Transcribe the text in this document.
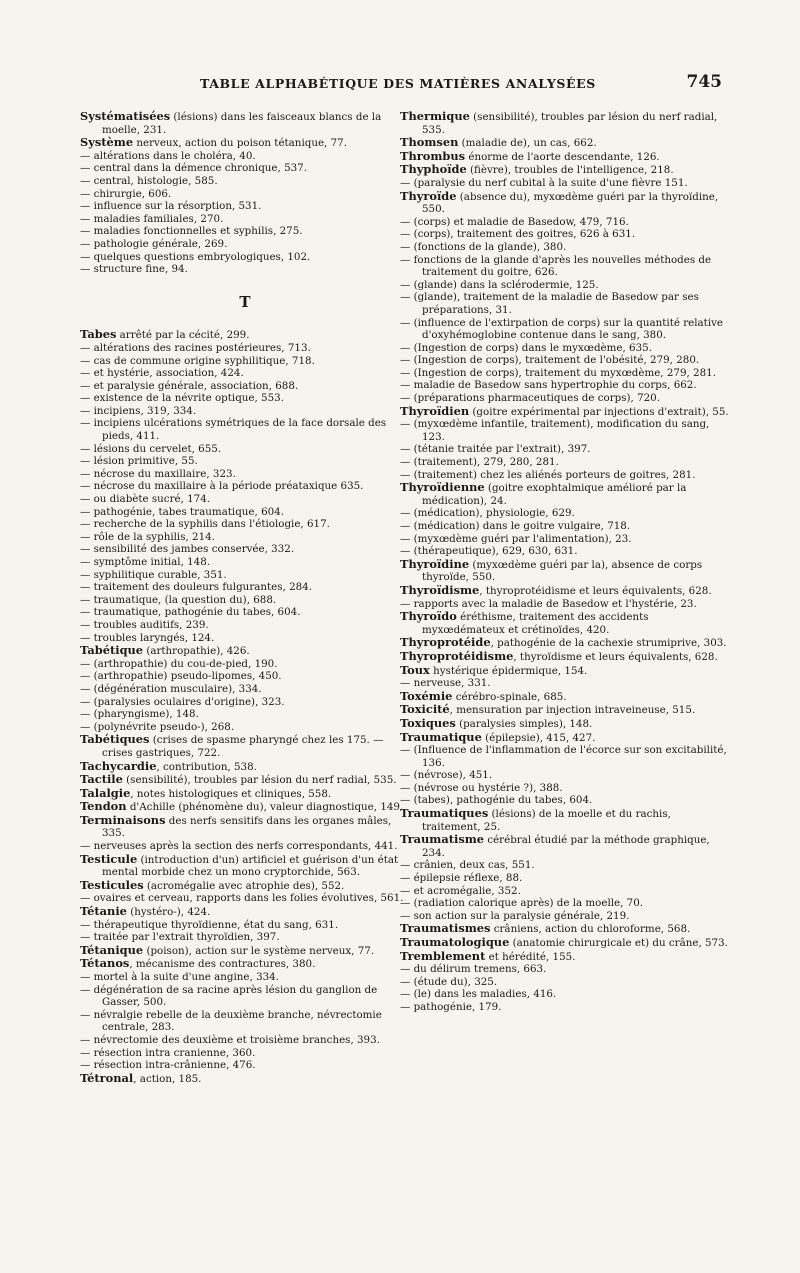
TABLE ALPHABÉTIQUE DES MATIÈRES ANALYSÉES	745

Systématisées (lésions) dans les faisceaux blancs de la moelle, 231.

Système nerveux, action du poison tétanique, 77.

— altérations dans le choléra, 40.

— central dans la démence chronique, 537.

— central, histologie, 585.

— chirurgie, 606.

— influence sur la résorption, 531.

— maladies familiales, 270.

— maladies fonctionnelles et syphilis, 275.

— pathologie générale, 269.

— quelques questions embryologiques, 102.

— structure fine, 94.

T

Tabes arrêté par la cécité, 299.

— altérations des racines postérieures, 713.

— cas de commune origine syphilitique, 718.

— et hystérie, association, 424.

— et paralysie générale, association, 688.

— existence de la névrite optique, 553.

— incipiens, 319, 334.

— incipiens ulcérations symétriques de la face dorsale des pieds, 411.

— lésions du cervelet, 655.

— lésion primitive, 55.

— nécrose du maxillaire, 323.

— nécrose du maxillaire à la période préataxique 635.

— ou diabète sucré, 174.

— pathogénie, tabes traumatique, 604.

— recherche de la syphilis dans l'étiologie, 617.

— rôle de la syphilis, 214.

— sensibilité des jambes conservée, 332.

— symptôme initial, 148.

— syphilitique curable, 351.

— traitement des douleurs fulgurantes, 284.

— traumatique, (la question du), 688.

— traumatique, pathogénie du tabes, 604.

— troubles auditifs, 239.

— troubles laryngés, 124.

Tabétique (arthropathie), 426.

— (arthropathie) du cou-de-pied, 190.

— (arthropathie) pseudo-lipomes, 450.

— (dégénération musculaire), 334.

— (paralysies oculaires d'origine), 323.

— (pharyngisme), 148.

— (polynévrite pseudo-), 268.

Tabétiques (crises de spasme pharyngé chez les 175. — crises gastriques, 722.

Tachycardie, contribution, 538.

Tactile (sensibilité), troubles par lésion du nerf radial, 535.

Talalgie, notes histologiques et cliniques, 558.

Tendon d'Achille (phénomène du), valeur diagnostique, 149.

Terminaisons des nerfs sensitifs dans les organes mâles, 335.

— nerveuses après la section des nerfs correspondants, 441.

Testicule (introduction d'un) artificiel et guérison d'un état mental morbide chez un mono cryptorchide, 563.

Testicules (acromégalie avec atrophie des), 552.

— ovaires et cerveau, rapports dans les folies évolutives, 561.

Tétanie (hystéro-), 424.

— thérapeutique thyroïdienne, état du sang, 631.

— traitée par l'extrait thyroïdien, 397.

Tétanique (poison), action sur le système nerveux, 77.

Tétanos, mécanisme des contractures, 380.

— mortel à la suite d'une angine, 334.

— dégénération de sa racine après lésion du ganglion de Gasser, 500.

— névralgie rebelle de la deuxième branche, névrectomie centrale, 283.

— névrectomie des deuxième et troisième branches, 393.

— résection intra cranienne, 360.

— résection intra-crânienne, 476.

Tétronal, action, 185.

Thermique (sensibilité), troubles par lésion du nerf radial, 535.

Thomsen (maladie de), un cas, 662.

Thrombus énorme de l'aorte descendante, 126.

Thyphoïde (fièvre), troubles de l'intelligence, 218.

— (paralysie du nerf cubital à la suite d'une fièvre 151.

Thyroïde (absence du), myxœdème guéri par la thyroïdine, 550.

— (corps) et maladie de Basedow, 479, 716.

— (corps), traitement des goitres, 626 à 631.

— (fonctions de la glande), 380.

— fonctions de la glande d'après les nouvelles méthodes de traitement du goitre, 626.

— (glande) dans la sclérodermie, 125.

— (glande), traitement de la maladie de Basedow par ses préparations, 31.

— (influence de l'extirpation de corps) sur la quantité relative d'oxyhémoglobine contenue dans le sang, 380.

— (Ingestion de corps) dans le myxœdème, 635.

— (Ingestion de corps), traitement de l'obésité, 279, 280.

— (Ingestion de corps), traitement du myxœdème, 279, 281.

— maladie de Basedow sans hypertrophie du corps, 662.

— (préparations pharmaceutiques de corps), 720.

Thyroïdien (goitre expérimental par injections d'extrait), 55.

— (myxœdème infantile, traitement), modification du sang, 123.

— (tétanie traitée par l'extrait), 397.

— (traitement), 279, 280, 281.

— (traitement) chez les aliénés porteurs de goitres, 281.

Thyroïdienne (goitre exophtalmique amélioré par la médication), 24.

— (médication), physiologie, 629.

— (médication) dans le goitre vulgaire, 718.

— (myxœdème guéri par l'alimentation), 23.

— (thérapeutique), 629, 630, 631.

Thyroïdine (myxœdème guéri par la), absence de corps thyroïde, 550.

Thyroïdisme, thyroprotéidisme et leurs équivalents, 628.

— rapports avec la maladie de Basedow et l'hystérie, 23.

Thyroïdo éréthisme, traitement des accidents myxœdémateux et crétinoïdes, 420.

Thyroprotéide, pathogénie de la cachexie strumiprive, 303.

Thyroprotéidisme, thyroïdisme et leurs équivalents, 628.

Toux hystérique épidermique, 154.

— nerveuse, 331.

Toxémie cérébro-spinale, 685.

Toxicité, mensuration par injection intraveineuse, 515.

Toxiques (paralysies simples), 148.

Traumatique (épilepsie), 415, 427.

— (Influence de l'inflammation de l'écorce sur son excitabilité, 136.

— (névrose), 451.

— (névrose ou hystérie ?), 388.

— (tabes), pathogénie du tabes, 604.

Traumatiques (lésions) de la moelle et du rachis, traitement, 25.

Traumatisme cérébral étudié par la méthode graphique, 234.

— crânien, deux cas, 551.

— épilepsie réflexe, 88.

— et acromégalie, 352.

— (radiation calorique après) de la moelle, 70.

— son action sur la paralysie générale, 219.

Traumatismes crâniens, action du chloroforme, 568.

Traumatologique (anatomie chirurgicale et) du crâne, 573.

Tremblement et hérédité, 155.

— du délirum tremens, 663.

— (étude du), 325.

— (le) dans les maladies, 416.

— pathogénie, 179.
